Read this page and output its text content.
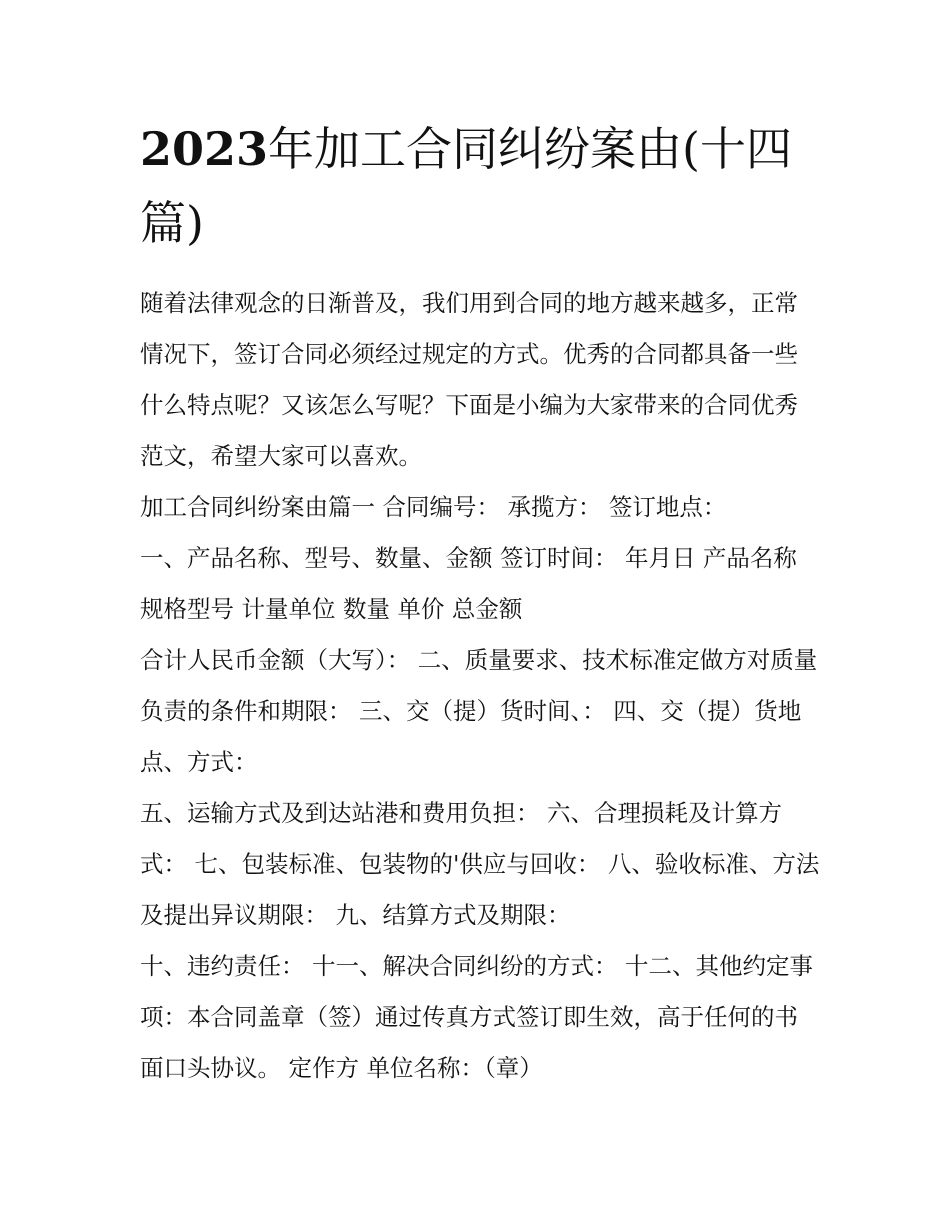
2023年加工合同纠纷案由(十四篇)

随着法律观念的日渐普及，我们用到合同的地方越来越多，正常情况下，签订合同必须经过规定的方式。优秀的合同都具备一些什么特点呢？又该怎么写呢？下面是小编为大家带来的合同优秀范文，希望大家可以喜欢。

加工合同纠纷案由篇一 合同编号： 承揽方： 签订地点：

一、产品名称、型号、数量、金额 签订时间： 年月日 产品名称 规格型号 计量单位 数量 单价 总金额

合计人民币金额（大写）： 二、质量要求、技术标准定做方对质量负责的条件和期限： 三、交（提）货时间、： 四、交（提）货地点、方式：

五、运输方式及到达站港和费用负担： 六、合理损耗及计算方式： 七、包装标准、包装物的'供应与回收： 八、验收标准、方法及提出异议期限： 九、结算方式及期限：

十、违约责任： 十一、解决合同纠纷的方式： 十二、其他约定事项：本合同盖章（签）通过传真方式签订即生效，高于任何的书面口头协议。 定作方 单位名称：（章）
